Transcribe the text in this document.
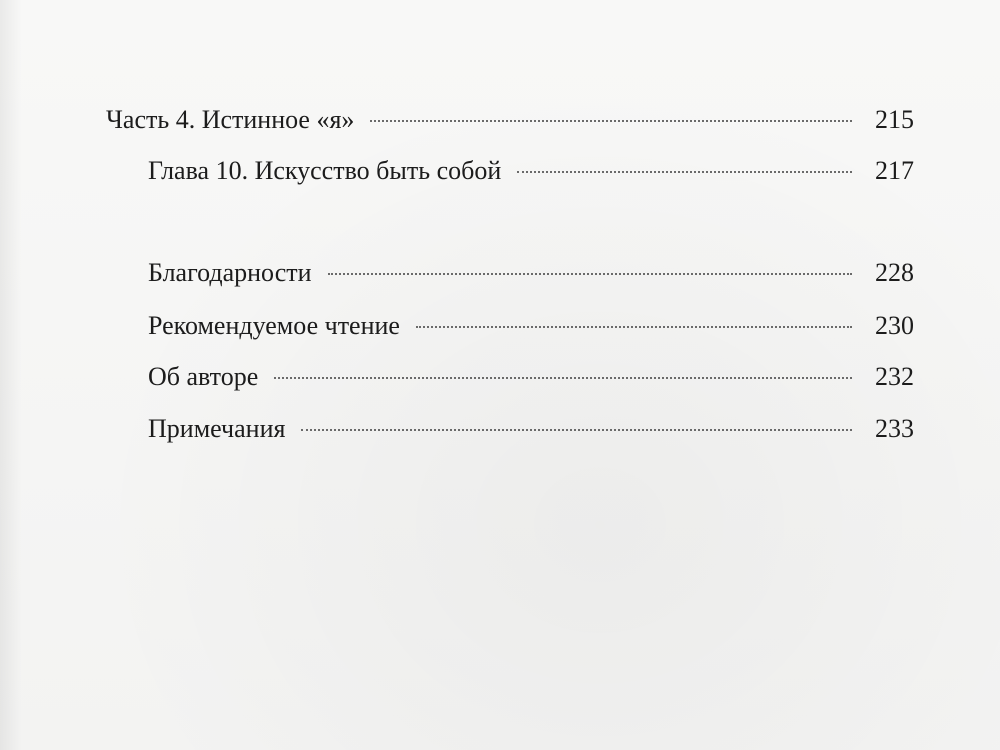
Часть 4. Истинное «я»	215
Глава 10. Искусство быть собой	217
Благодарности	228
Рекомендуемое чтение	230
Об авторе	232
Примечания	233
